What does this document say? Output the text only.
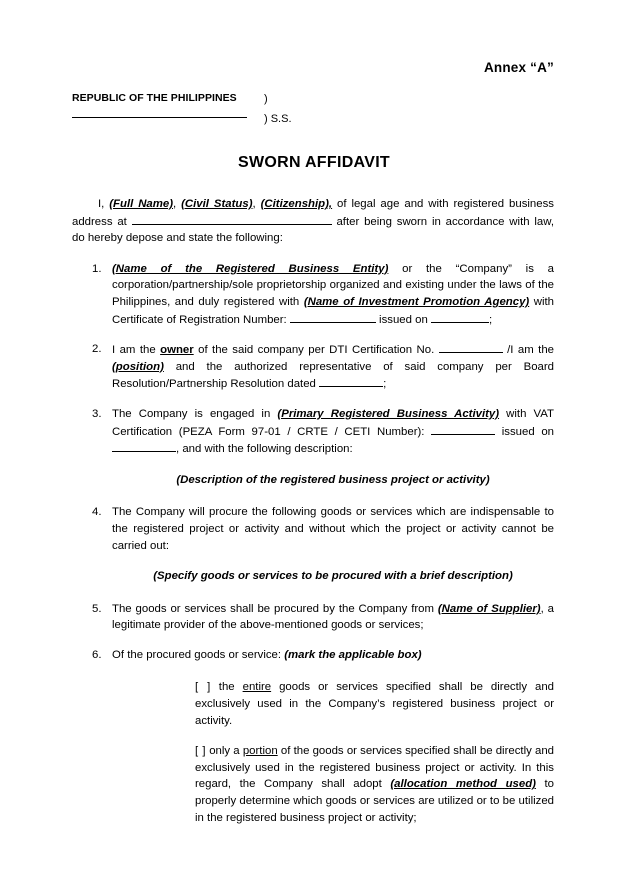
Annex “A”
REPUBLIC OF THE PHILIPPINES	)
) S.S.
SWORN AFFIDAVIT

I, (Full Name), (Civil Status), (Citizenship), of legal age and with registered business address at	after being sworn in accordance with law, do hereby depose and state the following:

1. (Name of the Registered Business Entity) or the “Company” is a corporation/partnership/sole proprietorship organized and existing under the laws of the Philippines, and duly registered with (Name of Investment Promotion Agency) with Certificate of Registration Number:	issued on	;
2. I am the owner of the said company per DTI Certification No.	/I am the (position) and the authorized representative of said company per Board Resolution/Partnership Resolution dated	;
3. The Company is engaged in (Primary Registered Business Activity) with VAT Certification (PEZA Form 97-01 / CRTE / CETI Number):	issued on , and with the following description:
(Description of the registered business project or activity)
4. The Company will procure the following goods or services which are indispensable to the registered project or activity and without which the project or activity cannot be carried out:
(Specify goods or services to be procured with a brief description)
5. The goods or services shall be procured by the Company from (Name of Supplier), a legitimate provider of the above-mentioned goods or services;
6. Of the procured goods or service: (mark the applicable box)

[ ] the entire goods or services specified shall be directly and exclusively used in the Company’s registered business project or activity.

[ ] only a portion of the goods or services specified shall be directly and exclusively used in the registered business project or activity. In this regard, the Company shall adopt (allocation method used) to properly determine which goods or services are utilized or to be utilized in the registered business project or activity;
